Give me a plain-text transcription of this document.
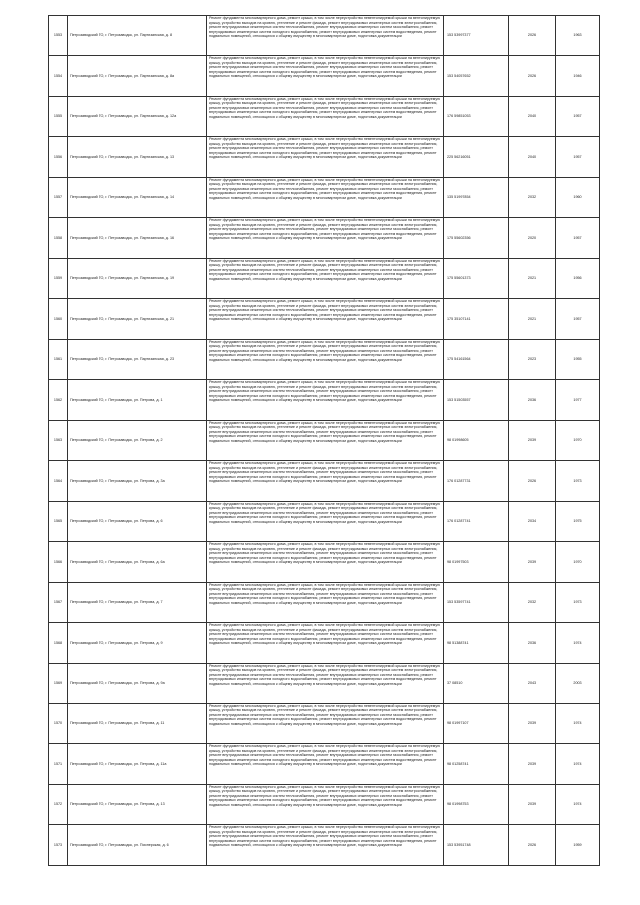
1553	Петрозаводский ГО, г. Петрозаводск, ул. Партизанская, д. 8	Ремонт фундамента многоквартирного дома, ремонт крыши, в том числе переустройство невентилируемой крыши на вентилируемую крышу, устройство выходов на кровлю, утепление и ремонт фасада, ремонт внутридомовых инженерных систем электроснабжения, ремонт внутридомовых инженерных систем теплоснабжения, ремонт внутридомовых инженерных систем газоснабжения, ремонт внутридомовых инженерных систем холодного водоснабжения, ремонт внутридомовых инженерных систем водоотведения, ремонт подвальных помещений, относящихся к общему имуществу в многоквартирном доме, подготовка документации	153 53997377	2026	1963
1554	Петрозаводский ГО, г. Петрозаводск, ул. Партизанская, д. 8а	Ремонт фундамента многоквартирного дома, ремонт крыши, в том числе переустройство невентилируемой крыши на вентилируемую крышу, устройство выходов на кровлю, утепление и ремонт фасада, ремонт внутридомовых инженерных систем электроснабжения, ремонт внутридомовых инженерных систем теплоснабжения, ремонт внутридомовых инженерных систем газоснабжения, ремонт внутридомовых инженерных систем холодного водоснабжения, ремонт внутридомовых инженерных систем водоотведения, ремонт подвальных помещений, относящихся к общему имуществу в многоквартирном доме, подготовка документации	153 54057652	2026	1946
1555	Петрозаводский ГО, г. Петрозаводск, ул. Партизанская, д. 12а	Ремонт фундамента многоквартирного дома, ремонт крыши, в том числе переустройство невентилируемой крыши на вентилируемую крышу, устройство выходов на кровлю, утепление и ремонт фасада, ремонт внутридомовых инженерных систем электроснабжения, ремонт внутридомовых инженерных систем теплоснабжения, ремонт внутридомовых инженерных систем газоснабжения, ремонт внутридомовых инженерных систем холодного водоснабжения, ремонт внутридомовых инженерных систем водоотведения, ремонт подвальных помещений, относящихся к общему имуществу в многоквартирном доме, подготовка документации	176 59851053	2040	1957
1556	Петрозаводский ГО, г. Петрозаводск, ул. Партизанская, д. 13	Ремонт фундамента многоквартирного дома, ремонт крыши, в том числе переустройство невентилируемой крыши на вентилируемую крышу, устройство выходов на кровлю, утепление и ремонт фасада, ремонт внутридомовых инженерных систем электроснабжения, ремонт внутридомовых инженерных систем теплоснабжения, ремонт внутридомовых инженерных систем газоснабжения, ремонт внутридомовых инженерных систем холодного водоснабжения, ремонт внутридомовых инженерных систем водоотведения, ремонт подвальных помещений, относящихся к общему имуществу в многоквартирном доме, подготовка документации	225 56216051	2040	1957
1557	Петрозаводский ГО, г. Петрозаводск, ул. Партизанская, д. 14	Ремонт фундамента многоквартирного дома, ремонт крыши, в том числе переустройство невентилируемой крыши на вентилируемую крышу, устройство выходов на кровлю, утепление и ремонт фасада, ремонт внутридомовых инженерных систем электроснабжения, ремонт внутридомовых инженерных систем теплоснабжения, ремонт внутридомовых инженерных систем газоснабжения, ремонт внутридомовых инженерных систем холодного водоснабжения, ремонт внутридомовых инженерных систем водоотведения, ремонт подвальных помещений, относящихся к общему имуществу в многоквартирном доме, подготовка документации	135 51997854	2032	1960
1558	Петрозаводский ГО, г. Петрозаводск, ул. Партизанская, д. 16	Ремонт фундамента многоквартирного дома, ремонт крыши, в том числе переустройство невентилируемой крыши на вентилируемую крышу, устройство выходов на кровлю, утепление и ремонт фасада, ремонт внутридомовых инженерных систем электроснабжения, ремонт внутридомовых инженерных систем теплоснабжения, ремонт внутридомовых инженерных систем газоснабжения, ремонт внутридомовых инженерных систем холодного водоснабжения, ремонт внутридомовых инженерных систем водоотведения, ремонт подвальных помещений, относящихся к общему имуществу в многоквартирном доме, подготовка документации	175 55602356	2020	1957
1559	Петрозаводский ГО, г. Петрозаводск, ул. Партизанская, д. 19	Ремонт фундамента многоквартирного дома, ремонт крыши, в том числе переустройство невентилируемой крыши на вентилируемую крышу, устройство выходов на кровлю, утепление и ремонт фасада, ремонт внутридомовых инженерных систем электроснабжения, ремонт внутридомовых инженерных систем теплоснабжения, ремонт внутридомовых инженерных систем газоснабжения, ремонт внутридомовых инженерных систем холодного водоснабжения, ремонт внутридомовых инженерных систем водоотведения, ремонт подвальных помещений, относящихся к общему имуществу в многоквартирном доме, подготовка документации	175 55601373	2021	1956
1560	Петрозаводский ГО, г. Петрозаводск, ул. Партизанская, д. 21	Ремонт фундамента многоквартирного дома, ремонт крыши, в том числе переустройство невентилируемой крыши на вентилируемую крышу, устройство выходов на кровлю, утепление и ремонт фасада, ремонт внутридомовых инженерных систем электроснабжения, ремонт внутридомовых инженерных систем теплоснабжения, ремонт внутридомовых инженерных систем газоснабжения, ремонт внутридомовых инженерных систем холодного водоснабжения, ремонт внутридомовых инженерных систем водоотведения, ремонт подвальных помещений, относящихся к общему имуществу в многоквартирном доме, подготовка документации	175 35107141	2021	1957
1561	Петрозаводский ГО, г. Петрозаводск, ул. Партизанская, д. 23	Ремонт фундамента многоквартирного дома, ремонт крыши, в том числе переустройство невентилируемой крыши на вентилируемую крышу, устройство выходов на кровлю, утепление и ремонт фасада, ремонт внутридомовых инженерных систем электроснабжения, ремонт внутридомовых инженерных систем теплоснабжения, ремонт внутридомовых инженерных систем газоснабжения, ремонт внутридомовых инженерных систем холодного водоснабжения, ремонт внутридомовых инженерных систем водоотведения, ремонт подвальных помещений, относящихся к общему имуществу в многоквартирном доме, подготовка документации	175 54161564	2023	1955
1562	Петрозаводский ГО, г. Петрозаводск, ул. Петрова, д. 1	Ремонт фундамента многоквартирного дома, ремонт крыши, в том числе переустройство невентилируемой крыши на вентилируемую крышу, устройство выходов на кровлю, утепление и ремонт фасада, ремонт внутридомовых инженерных систем электроснабжения, ремонт внутридомовых инженерных систем теплоснабжения, ремонт внутридомовых инженерных систем газоснабжения, ремонт внутридомовых инженерных систем холодного водоснабжения, ремонт внутридомовых инженерных систем водоотведения, ремонт подвальных помещений, относящихся к общему имуществу в многоквартирном доме, подготовка документации	153 51503557	2036	1977
1563	Петрозаводский ГО, г. Петрозаводск, ул. Петрова, д. 2	Ремонт фундамента многоквартирного дома, ремонт крыши, в том числе переустройство невентилируемой крыши на вентилируемую крышу, устройство выходов на кровлю, утепление и ремонт фасада, ремонт внутридомовых инженерных систем электроснабжения, ремонт внутридомовых инженерных систем теплоснабжения, ремонт внутридомовых инженерных систем газоснабжения, ремонт внутридомовых инженерных систем холодного водоснабжения, ремонт внутридомовых инженерных систем водоотведения, ремонт подвальных помещений, относящихся к общему имуществу в многоквартирном доме, подготовка документации	98 01998605	2039	1970
1564	Петрозаводский ГО, г. Петрозаводск, ул. Петрова, д. 3а	Ремонт фундамента многоквартирного дома, ремонт крыши, в том числе переустройство невентилируемой крыши на вентилируемую крышу, устройство выходов на кровлю, утепление и ремонт фасада, ремонт внутридомовых инженерных систем электроснабжения, ремонт внутридомовых инженерных систем теплоснабжения, ремонт внутридомовых инженерных систем газоснабжения, ремонт внутридомовых инженерных систем холодного водоснабжения, ремонт внутридомовых инженерных систем водоотведения, ремонт подвальных помещений, относящихся к общему имуществу в многоквартирном доме, подготовка документации	176 01287731	2026	1973
1565	Петрозаводский ГО, г. Петрозаводск, ул. Петрова, д. 6	Ремонт фундамента многоквартирного дома, ремонт крыши, в том числе переустройство невентилируемой крыши на вентилируемую крышу, устройство выходов на кровлю, утепление и ремонт фасада, ремонт внутридомовых инженерных систем электроснабжения, ремонт внутридомовых инженерных систем теплоснабжения, ремонт внутридомовых инженерных систем газоснабжения, ремонт внутридомовых инженерных систем холодного водоснабжения, ремонт внутридомовых инженерных систем водоотведения, ремонт подвальных помещений, относящихся к общему имуществу в многоквартирном доме, подготовка документации	176 01287741	2034	1975
1566	Петрозаводский ГО, г. Петрозаводск, ул. Петрова, д. 6а	Ремонт фундамента многоквартирного дома, ремонт крыши, в том числе переустройство невентилируемой крыши на вентилируемую крышу, устройство выходов на кровлю, утепление и ремонт фасада, ремонт внутридомовых инженерных систем электроснабжения, ремонт внутридомовых инженерных систем теплоснабжения, ремонт внутридомовых инженерных систем газоснабжения, ремонт внутридомовых инженерных систем холодного водоснабжения, ремонт внутридомовых инженерных систем водоотведения, ремонт подвальных помещений, относящихся к общему имуществу в многоквартирном доме, подготовка документации	98 01997503	2039	1970
1567	Петрозаводский ГО, г. Петрозаводск, ул. Петрова, д. 7	Ремонт фундамента многоквартирного дома, ремонт крыши, в том числе переустройство невентилируемой крыши на вентилируемую крышу, устройство выходов на кровлю, утепление и ремонт фасада, ремонт внутридомовых инженерных систем электроснабжения, ремонт внутридомовых инженерных систем теплоснабжения, ремонт внутридомовых инженерных систем газоснабжения, ремонт внутридомовых инженерных систем холодного водоснабжения, ремонт внутридомовых инженерных систем водоотведения, ремонт подвальных помещений, относящихся к общему имуществу в многоквартирном доме, подготовка документации	153 53597741	2032	1973
1568	Петрозаводский ГО, г. Петрозаводск, ул. Петрова, д. 9	Ремонт фундамента многоквартирного дома, ремонт крыши, в том числе переустройство невентилируемой крыши на вентилируемую крышу, устройство выходов на кровлю, утепление и ремонт фасада, ремонт внутридомовых инженерных систем электроснабжения, ремонт внутридомовых инженерных систем теплоснабжения, ремонт внутридомовых инженерных систем газоснабжения, ремонт внутридомовых инженерных систем холодного водоснабжения, ремонт внутридомовых инженерных систем водоотведения, ремонт подвальных помещений, относящихся к общему имуществу в многоквартирном доме, подготовка документации	98 51388741	2036	1974
1569	Петрозаводский ГО, г. Петрозаводск, ул. Петрова, д. 9а	Ремонт фундамента многоквартирного дома, ремонт крыши, в том числе переустройство невентилируемой крыши на вентилируемую крышу, устройство выходов на кровлю, утепление и ремонт фасада, ремонт внутридомовых инженерных систем электроснабжения, ремонт внутридомовых инженерных систем теплоснабжения, ремонт внутридомовых инженерных систем газоснабжения, ремонт внутридомовых инженерных систем холодного водоснабжения, ремонт внутридомовых инженерных систем водоотведения, ремонт подвальных помещений, относящихся к общему имуществу в многоквартирном доме, подготовка документации	37 08510	2043	2003
1570	Петрозаводский ГО, г. Петрозаводск, ул. Петрова, д. 11	Ремонт фундамента многоквартирного дома, ремонт крыши, в том числе переустройство невентилируемой крыши на вентилируемую крышу, устройство выходов на кровлю, утепление и ремонт фасада, ремонт внутридомовых инженерных систем электроснабжения, ремонт внутридомовых инженерных систем теплоснабжения, ремонт внутридомовых инженерных систем газоснабжения, ремонт внутридомовых инженерных систем холодного водоснабжения, ремонт внутридомовых инженерных систем водоотведения, ремонт подвальных помещений, относящихся к общему имуществу в многоквартирном доме, подготовка документации	98 01997107	2039	1974
1571	Петрозаводский ГО, г. Петрозаводск, ул. Петрова, д. 11а	Ремонт фундамента многоквартирного дома, ремонт крыши, в том числе переустройство невентилируемой крыши на вентилируемую крышу, устройство выходов на кровлю, утепление и ремонт фасада, ремонт внутридомовых инженерных систем электроснабжения, ремонт внутридомовых инженерных систем теплоснабжения, ремонт внутридомовых инженерных систем газоснабжения, ремонт внутридомовых инженерных систем холодного водоснабжения, ремонт внутридомовых инженерных систем водоотведения, ремонт подвальных помещений, относящихся к общему имуществу в многоквартирном доме, подготовка документации	98 01258741	2039	1974
1572	Петрозаводский ГО, г. Петрозаводск, ул. Петрова, д. 13	Ремонт фундамента многоквартирного дома, ремонт крыши, в том числе переустройство невентилируемой крыши на вентилируемую крышу, устройство выходов на кровлю, утепление и ремонт фасада, ремонт внутридомовых инженерных систем электроснабжения, ремонт внутридомовых инженерных систем теплоснабжения, ремонт внутридомовых инженерных систем газоснабжения, ремонт внутридомовых инженерных систем холодного водоснабжения, ремонт внутридомовых инженерных систем водоотведения, ремонт подвальных помещений, относящихся к общему имуществу в многоквартирном доме, подготовка документации	98 01998753	2039	1974
1573	Петрозаводский ГО, г. Петрозаводск, ул. Пионерская, д. 6	Ремонт фундамента многоквартирного дома, ремонт крыши, в том числе переустройство невентилируемой крыши на вентилируемую крышу, устройство выходов на кровлю, утепление и ремонт фасада, ремонт внутридомовых инженерных систем электроснабжения, ремонт внутридомовых инженерных систем теплоснабжения, ремонт внутридомовых инженерных систем газоснабжения, ремонт внутридомовых инженерных систем холодного водоснабжения, ремонт внутридомовых инженерных систем водоотведения, ремонт подвальных помещений, относящихся к общему имуществу в многоквартирном доме, подготовка документации	153 53951748	2026	1959
